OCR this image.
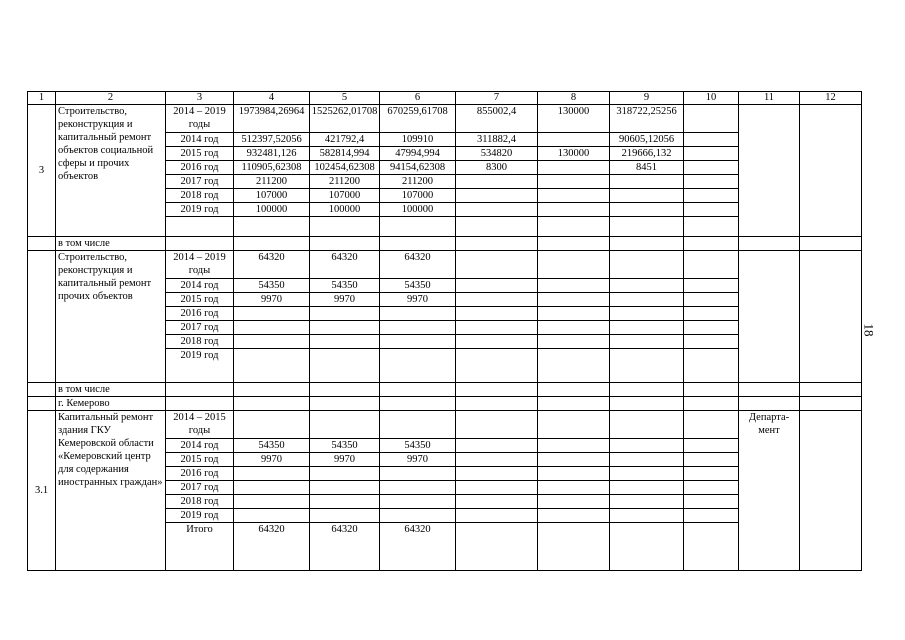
1	2	3	4	5	6	7	8	9	10	11	12
3	Строительство, реконструкция и капитальный ремонт объектов социальной сферы и прочих объектов	2014 – 2019 годы	1973984,26964	1525262,01708	670259,61708	855002,4	130000	318722,25256			
		2014 год	512397,52056	421792,4	109910	311882,4		90605,12056			
		2015 год	932481,126	582814,994	47994,994	534820	130000	219666,132			
		2016 год	110905,62308	102454,62308	94154,62308	8300		8451			
		2017 год	211200	211200	211200						
		2018 год	107000	107000	107000						
		2019 год	100000	100000	100000						

	в том числе										
	Строительство, реконструкция и капитальный ремонт прочих объектов	2014 – 2019 годы	64320	64320	64320						
		2014 год	54350	54350	54350						
		2015 год	9970	9970	9970						
		2016 год									
		2017 год									
		2018 год									
		2019 год									
	в том числе										
	г. Кемерово										
3.1	Капитальный ремонт здания ГКУ Кемеровской области «Кемеровский центр для содержания иностранных граждан»	2014 – 2015 годы								Департа- мент	
		2014 год	54350	54350	54350						
		2015 год	9970	9970	9970						
		2016 год									
		2017 год									
		2018 год									
		2019 год									
		Итого	64320	64320	64320						
18
